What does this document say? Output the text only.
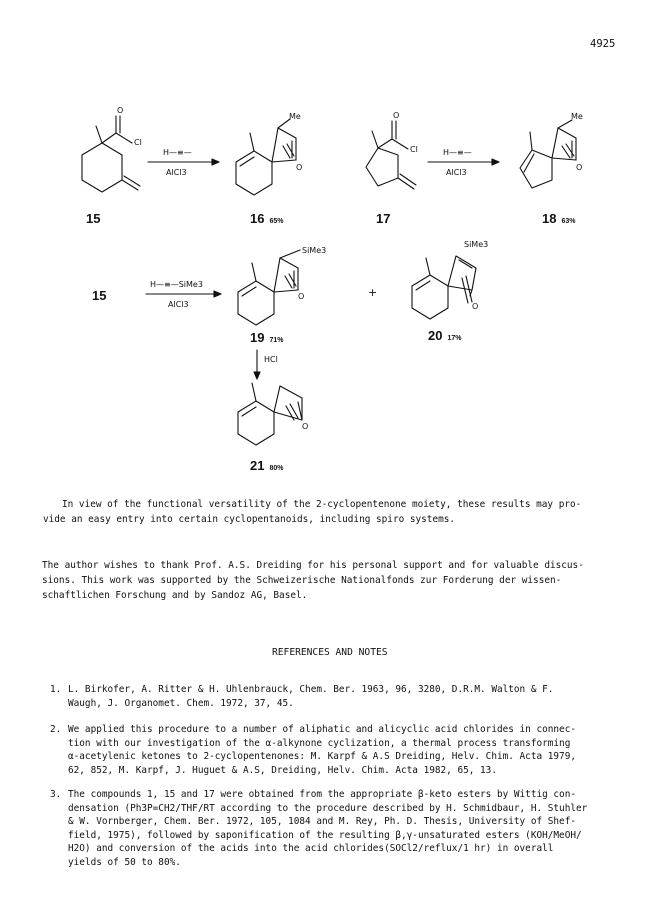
4925
O
Cl
Me
O
O
Cl
Me
O
SiMe3
O
SiMe3
O
O
H—≡—
AlCl3
H—≡—
AlCl3
H—≡—SiMe3
AlCl3
HCl
+
15	16 65%	17	18 63%
15
19 71%	20 17%
21 80%
In view of the functional versatility of the 2-cyclopentenone moiety, these results may pro-
vide an easy entry into certain cyclopentanoids, including spiro systems.
The author wishes to thank Prof. A.S. Dreiding for his personal support and for valuable discus-
sions. This work was supported by the Schweizerische Nationalfonds zur Forderung der wissen-
schaftlichen Forschung and by Sandoz AG, Basel.
REFERENCES AND NOTES
1. L. Birkofer, A. Ritter & H. Uhlenbrauck, Chem. Ber. 1963, 96, 3280, D.R.M. Walton & F.
Waugh, J. Organomet. Chem. 1972, 37, 45.
2. We applied this procedure to a number of aliphatic and alicyclic acid chlorides in connec-
tion with our investigation of the α-alkynone cyclization, a thermal process transforming
α-acetylenic ketones to 2-cyclopentenones: M. Karpf & A.S Dreiding, Helv. Chim. Acta 1979,
62, 852, M. Karpf, J. Huguet & A.S, Dreiding, Helv. Chim. Acta 1982, 65, 13.
3. The compounds 1, 15 and 17 were obtained from the appropriate β-keto esters by Wittig con-
densation (Ph3P=CH2/THF/RT according to the procedure described by H. Schmidbaur, H. Stuhler
& W. Vornberger, Chem. Ber. 1972, 105, 1084 and M. Rey, Ph. D. Thesis, University of Shef-
field, 1975), followed by saponification of the resulting β,γ-unsaturated esters (KOH/MeOH/
H2O) and conversion of the acids into the acid chlorides(SOCl2/reflux/1 hr) in overall
yields of 50 to 80%.
